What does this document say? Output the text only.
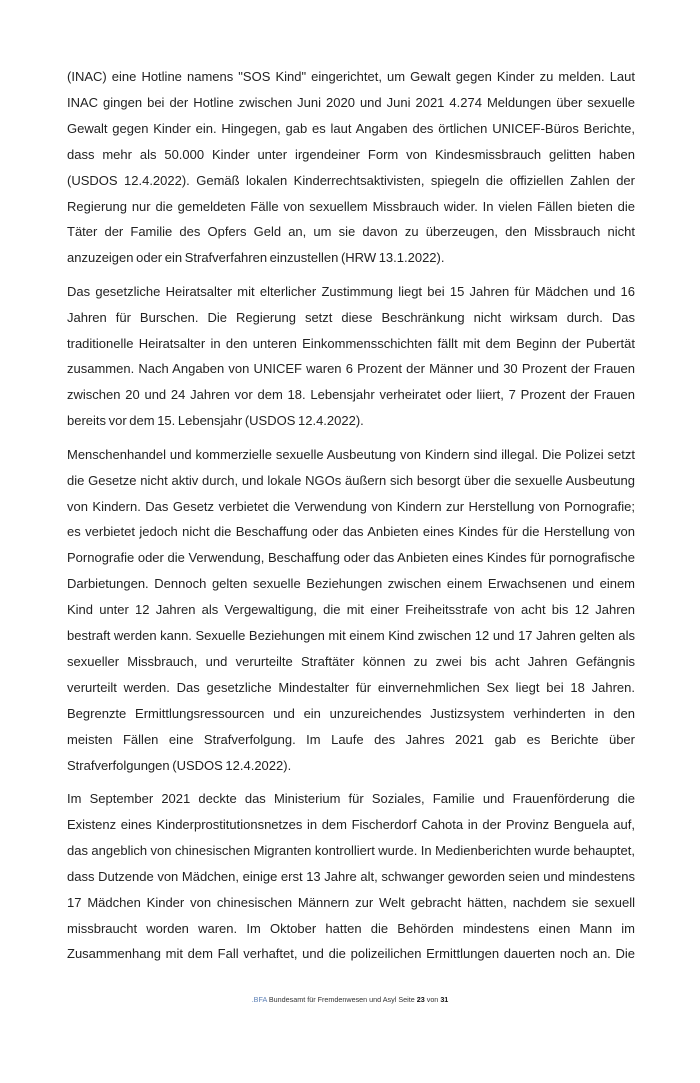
(INAC) eine Hotline namens "SOS Kind" eingerichtet, um Gewalt gegen Kinder zu melden. Laut
INAC gingen bei der Hotline zwischen Juni 2020 und Juni 2021 4.274 Meldungen über sexuelle
Gewalt gegen Kinder ein. Hingegen, gab es laut Angaben des örtlichen UNICEF-Büros Berichte,
dass mehr als 50.000 Kinder unter irgendeiner Form von Kindesmissbrauch gelitten haben
(USDOS 12.4.2022). Gemäß lokalen Kinderrechtsaktivisten, spiegeln die offiziellen Zahlen der
Regierung nur die gemeldeten Fälle von sexuellem Missbrauch wider. In vielen Fällen bieten die
Täter der Familie des Opfers Geld an, um sie davon zu überzeugen, den Missbrauch nicht
anzuzeigen oder ein Strafverfahren einzustellen (HRW 13.1.2022).
Das gesetzliche Heiratsalter mit elterlicher Zustimmung liegt bei 15 Jahren für Mädchen und 16
Jahren für Burschen. Die Regierung setzt diese Beschränkung nicht wirksam durch. Das
traditionelle Heiratsalter in den unteren Einkommensschichten fällt mit dem Beginn der Pubertät
zusammen. Nach Angaben von UNICEF waren 6 Prozent der Männer und 30 Prozent der Frauen
zwischen 20 und 24 Jahren vor dem 18. Lebensjahr verheiratet oder liiert, 7 Prozent der Frauen
bereits vor dem 15. Lebensjahr (USDOS 12.4.2022).
Menschenhandel und kommerzielle sexuelle Ausbeutung von Kindern sind illegal. Die Polizei setzt
die Gesetze nicht aktiv durch, und lokale NGOs äußern sich besorgt über die sexuelle Ausbeutung
von Kindern. Das Gesetz verbietet die Verwendung von Kindern zur Herstellung von Pornografie;
es verbietet jedoch nicht die Beschaffung oder das Anbieten eines Kindes für die Herstellung von
Pornografie oder die Verwendung, Beschaffung oder das Anbieten eines Kindes für pornografische
Darbietungen. Dennoch gelten sexuelle Beziehungen zwischen einem Erwachsenen und einem
Kind unter 12 Jahren als Vergewaltigung, die mit einer Freiheitsstrafe von acht bis 12 Jahren
bestraft werden kann. Sexuelle Beziehungen mit einem Kind zwischen 12 und 17 Jahren gelten als
sexueller Missbrauch, und verurteilte Straftäter können zu zwei bis acht Jahren Gefängnis
verurteilt werden. Das gesetzliche Mindestalter für einvernehmlichen Sex liegt bei 18 Jahren.
Begrenzte Ermittlungsressourcen und ein unzureichendes Justizsystem verhinderten in den
meisten Fällen eine Strafverfolgung. Im Laufe des Jahres 2021 gab es Berichte über
Strafverfolgungen (USDOS 12.4.2022).
Im September 2021 deckte das Ministerium für Soziales, Familie und Frauenförderung die
Existenz eines Kinderprostitutionsnetzes in dem Fischerdorf Cahota in der Provinz Benguela auf,
das angeblich von chinesischen Migranten kontrolliert wurde. In Medienberichten wurde behauptet,
dass Dutzende von Mädchen, einige erst 13 Jahre alt, schwanger geworden seien und mindestens
17 Mädchen Kinder von chinesischen Männern zur Welt gebracht hätten, nachdem sie sexuell
missbraucht worden waren. Im Oktober hatten die Behörden mindestens einen Mann im
Zusammenhang mit dem Fall verhaftet, und die polizeilichen Ermittlungen dauerten noch an. Die
.BFA Bundesamt für Fremdenwesen und Asyl Seite 23 von 31
